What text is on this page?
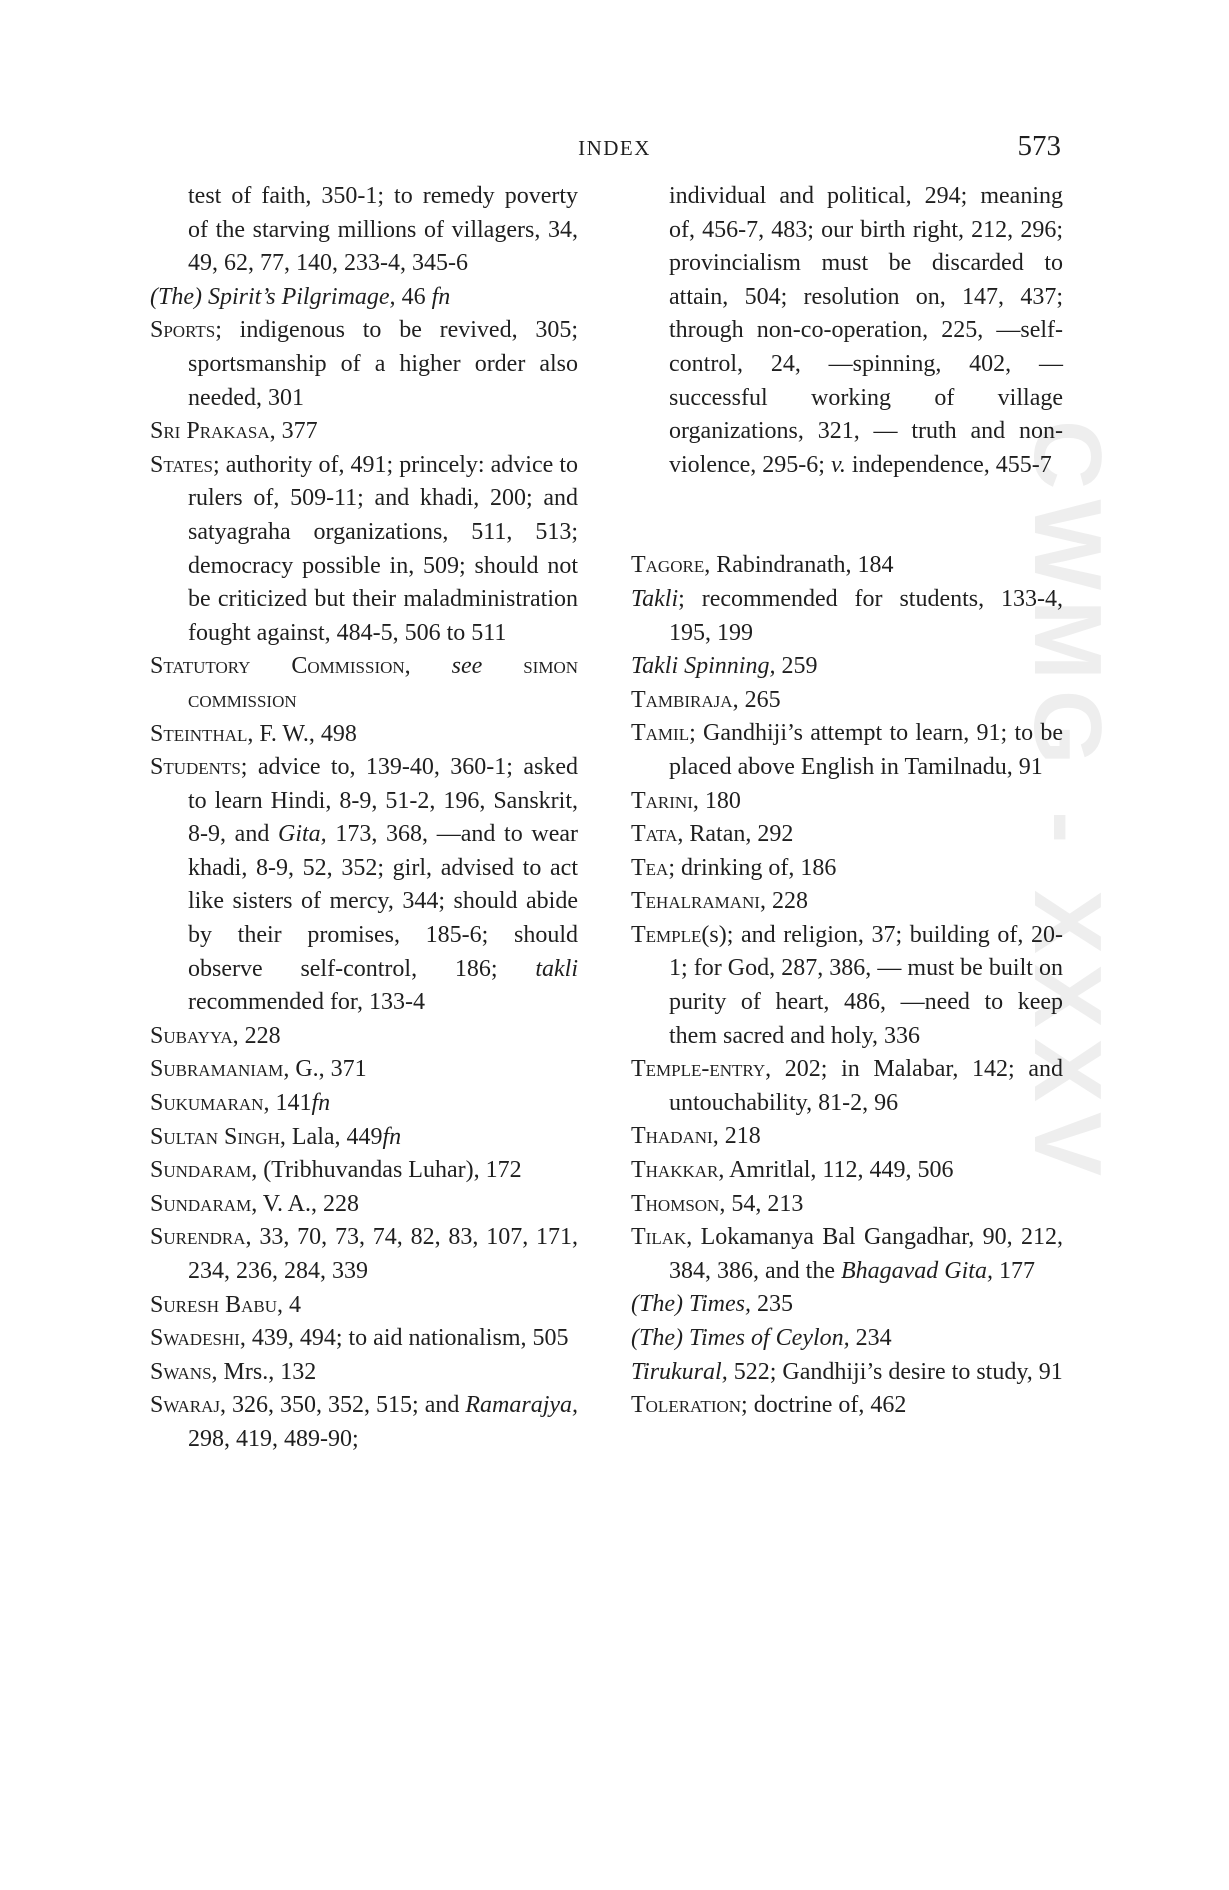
CWMG - XXXV
INDEX	573

test of faith, 350-1; to remedy poverty of the starving millions of villagers, 34, 49, 62, 77, 140, 233-4, 345-6

(The) Spirit’s Pilgrimage, 46 fn

Sports; indigenous to be revived, 305; sportsmanship of a higher order also needed, 301

Sri Prakasa, 377

States; authority of, 491; princely: advice to rulers of, 509-11; and khadi, 200; and satyagraha organizations, 511, 513; democracy possible in, 509; should not be criticized but their maladministration fought against, 484-5, 506 to 511

Statutory Commission, see simon commission

Steinthal, F. W., 498

Students; advice to, 139-40, 360-1; asked to learn Hindi, 8-9, 51-2, 196, Sanskrit, 8-9, and Gita, 173, 368, —and to wear khadi, 8-9, 52, 352; girl, advised to act like sisters of mercy, 344; should abide by their promises, 185-6; should observe self-control, 186; takli recommended for, 133-4

Subayya, 228

Subramaniam, G., 371

Sukumaran, 141fn

Sultan Singh, Lala, 449fn

Sundaram, (Tribhuvandas Luhar), 172

Sundaram, V. A., 228

Surendra, 33, 70, 73, 74, 82, 83, 107, 171, 234, 236, 284, 339

Suresh Babu, 4

Swadeshi, 439, 494; to aid nationalism, 505

Swans, Mrs., 132

Swaraj, 326, 350, 352, 515; and Ramarajya, 298, 419, 489-90;

individual and political, 294; meaning of, 456-7, 483; our birth right, 212, 296; provincialism must be discarded to attain, 504; resolution on, 147, 437; through non-co-operation, 225, —self-control, 24, —spinning, 402, —successful working of village organizations, 321, — truth and non-violence, 295-6; v. independence, 455-7

Tagore, Rabindranath, 184

Takli; recommended for students, 133-4, 195, 199

Takli Spinning, 259

Tambiraja, 265

Tamil; Gandhiji’s attempt to learn, 91; to be placed above English in Tamilnadu, 91

Tarini, 180

Tata, Ratan, 292

Tea; drinking of, 186

Tehalramani, 228

Temple(s); and religion, 37; building of, 20-1; for God, 287, 386, — must be built on purity of heart, 486, —need to keep them sacred and holy, 336

Temple-entry, 202; in Malabar, 142; and untouchability, 81-2, 96

Thadani, 218

Thakkar, Amritlal, 112, 449, 506

Thomson, 54, 213

Tilak, Lokamanya Bal Gangadhar, 90, 212, 384, 386, and the Bhagavad Gita, 177

(The) Times, 235

(The) Times of Ceylon, 234

Tirukural, 522; Gandhiji’s desire to study, 91

Toleration; doctrine of, 462
